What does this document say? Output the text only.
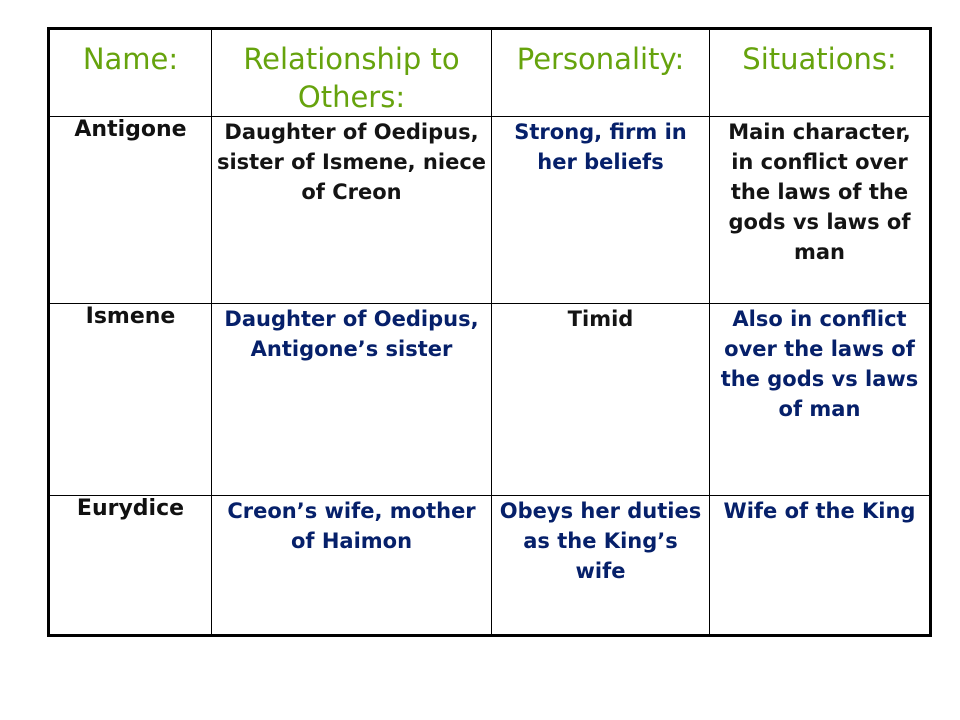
Name:	Relationship to Others:	Personality:	Situations:
Antigone	Daughter of Oedipus, sister of Ismene, niece of Creon	Strong, firm in her beliefs	Main character, in conflict over the laws of the gods vs laws of man
Ismene	Daughter of Oedipus, Antigone’s sister	Timid	Also in conflict over the laws of the gods vs laws of man
Eurydice	Creon’s wife, mother of Haimon	Obeys her duties as the King’s wife	Wife of the King
